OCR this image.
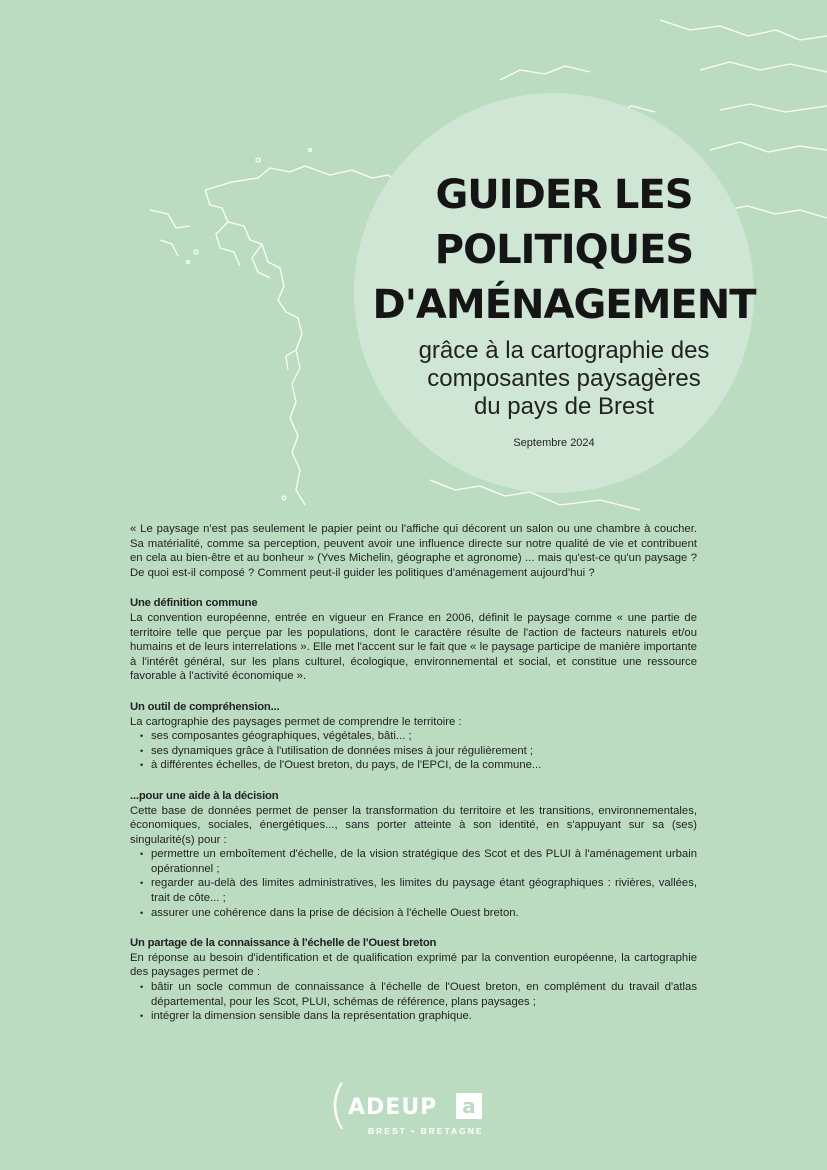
GUIDER LES
POLITIQUES
D'AMÉNAGEMENT
grâce à la cartographie des
composantes paysagères
du pays de Brest
Septembre 2024

« Le paysage n'est pas seulement le papier peint ou l'affiche qui décorent un salon ou une chambre à coucher. Sa matérialité, comme sa perception, peuvent avoir une influence directe sur notre qualité de vie et contribuent en cela au bien-être et au bonheur » (Yves Michelin, géographe et agronome) ... mais qu'est-ce qu'un paysage ? De quoi est-il composé ? Comment peut-il guider les politiques d'aménagement aujourd'hui ?

Une définition commune

La convention européenne, entrée en vigueur en France en 2006, définit le paysage comme « une partie de territoire telle que perçue par les populations, dont le caractère résulte de l'action de facteurs naturels et/ou humains et de leurs interrelations ». Elle met l'accent sur le fait que « le paysage participe de manière importante à l'intérêt général, sur les plans culturel, écologique, environnemental et social, et constitue une ressource favorable à l'activité économique ».

Un outil de compréhension...

La cartographie des paysages permet de comprendre le territoire :

• ses composantes géographiques, végétales, bâti... ;
• ses dynamiques grâce à l'utilisation de données mises à jour régulièrement ;
• à différentes échelles, de l'Ouest breton, du pays, de l'EPCI, de la commune...
...pour une aide à la décision

Cette base de données permet de penser la transformation du territoire et les transitions, environnementales, économiques, sociales, énergétiques..., sans porter atteinte à son identité, en s'appuyant sur sa (ses) singularité(s) pour :

• permettre un emboîtement d'échelle, de la vision stratégique des Scot et des PLUI à l'aménagement urbain opérationnel ;
• regarder au-delà des limites administratives, les limites du paysage étant géographiques : rivières, vallées, trait de côte... ;
• assurer une cohérence dans la prise de décision à l'échelle Ouest breton.
Un partage de la connaissance à l'échelle de l'Ouest breton

En réponse au besoin d'identification et de qualification exprimé par la convention européenne, la cartographie des paysages permet de :

• bâtir un socle commun de connaissance à l'échelle de l'Ouest breton, en complément du travail d'atlas départemental, pour les Scot, PLUI, schémas de référence, plans paysages ;
• intégrer la dimension sensible dans la représentation graphique.
( ADEUP	a
BREST • BRETAGNE
